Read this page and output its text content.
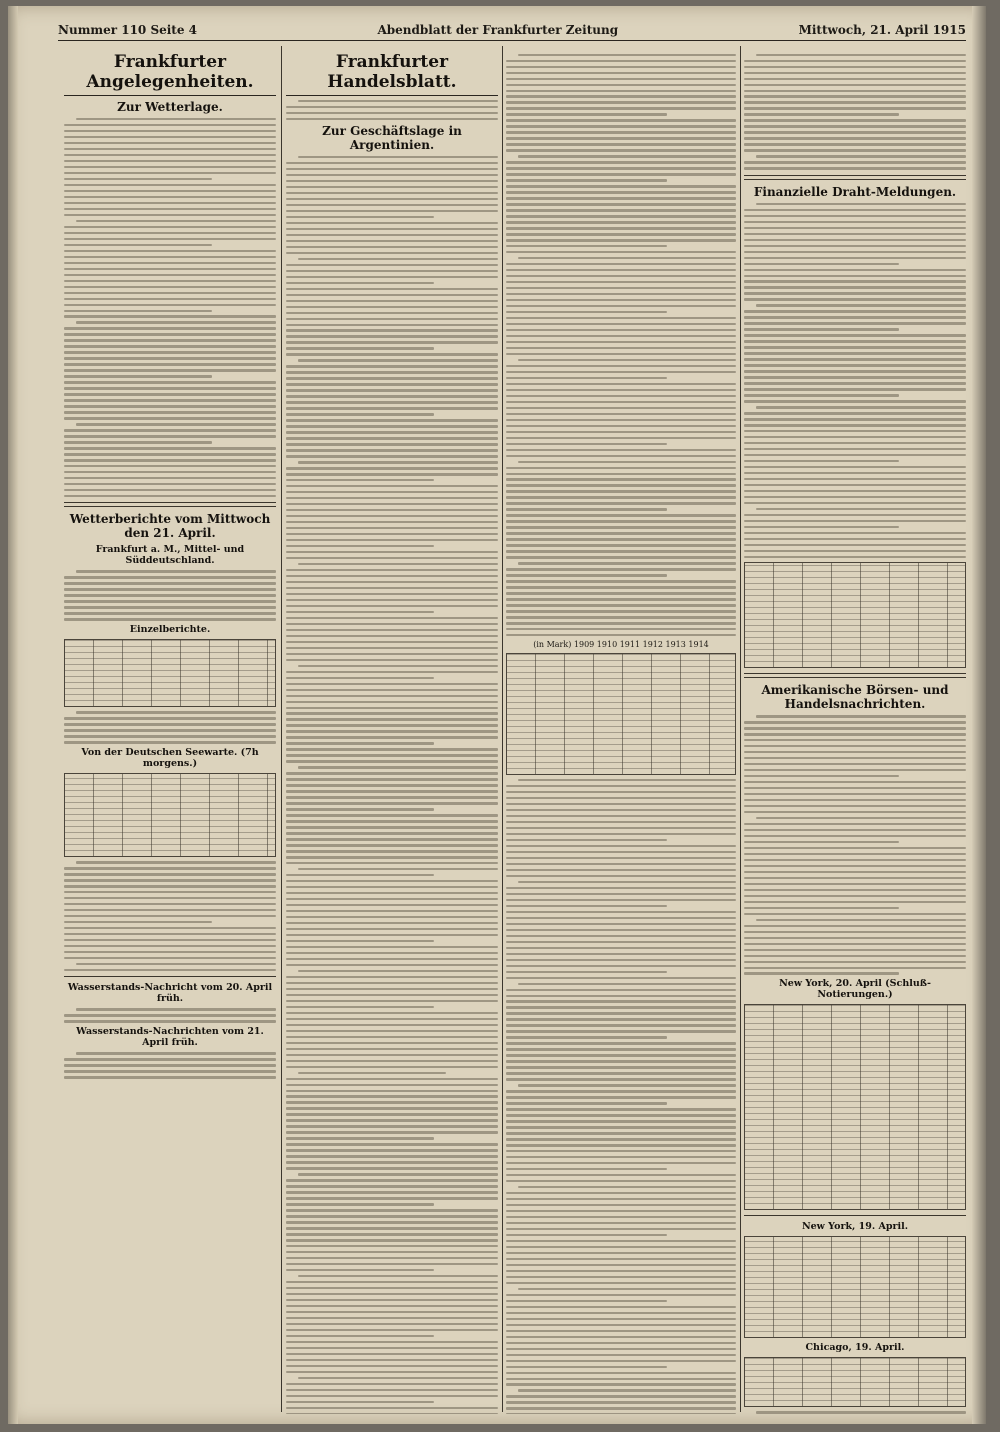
Nummer 110 Seite 4	Abendblatt der Frankfurter Zeitung	Mittwoch, 21. April 1915
Frankfurter Angelegenheiten.
Zur Wetterlage.
Wetterberichte vom Mittwoch den 21. April.
Frankfurt a. M., Mittel- und Süddeutschland.
Einzelberichte.
Von der Deutschen Seewarte. (7h morgens.)
Wasserstands-Nachricht vom 20. April früh.
Wasserstands-Nachrichten vom 21. April früh.
Frankfurter Handelsblatt.
Zur Geschäftslage in Argentinien.
(in Mark) 1909 1910 1911 1912 1913 1914
Finanzielle Draht-Meldungen.
Amerikanische Börsen- und Handelsnachrichten.
New York, 20. April (Schluß-Notierungen.)
New York, 19. April.
Chicago, 19. April.
